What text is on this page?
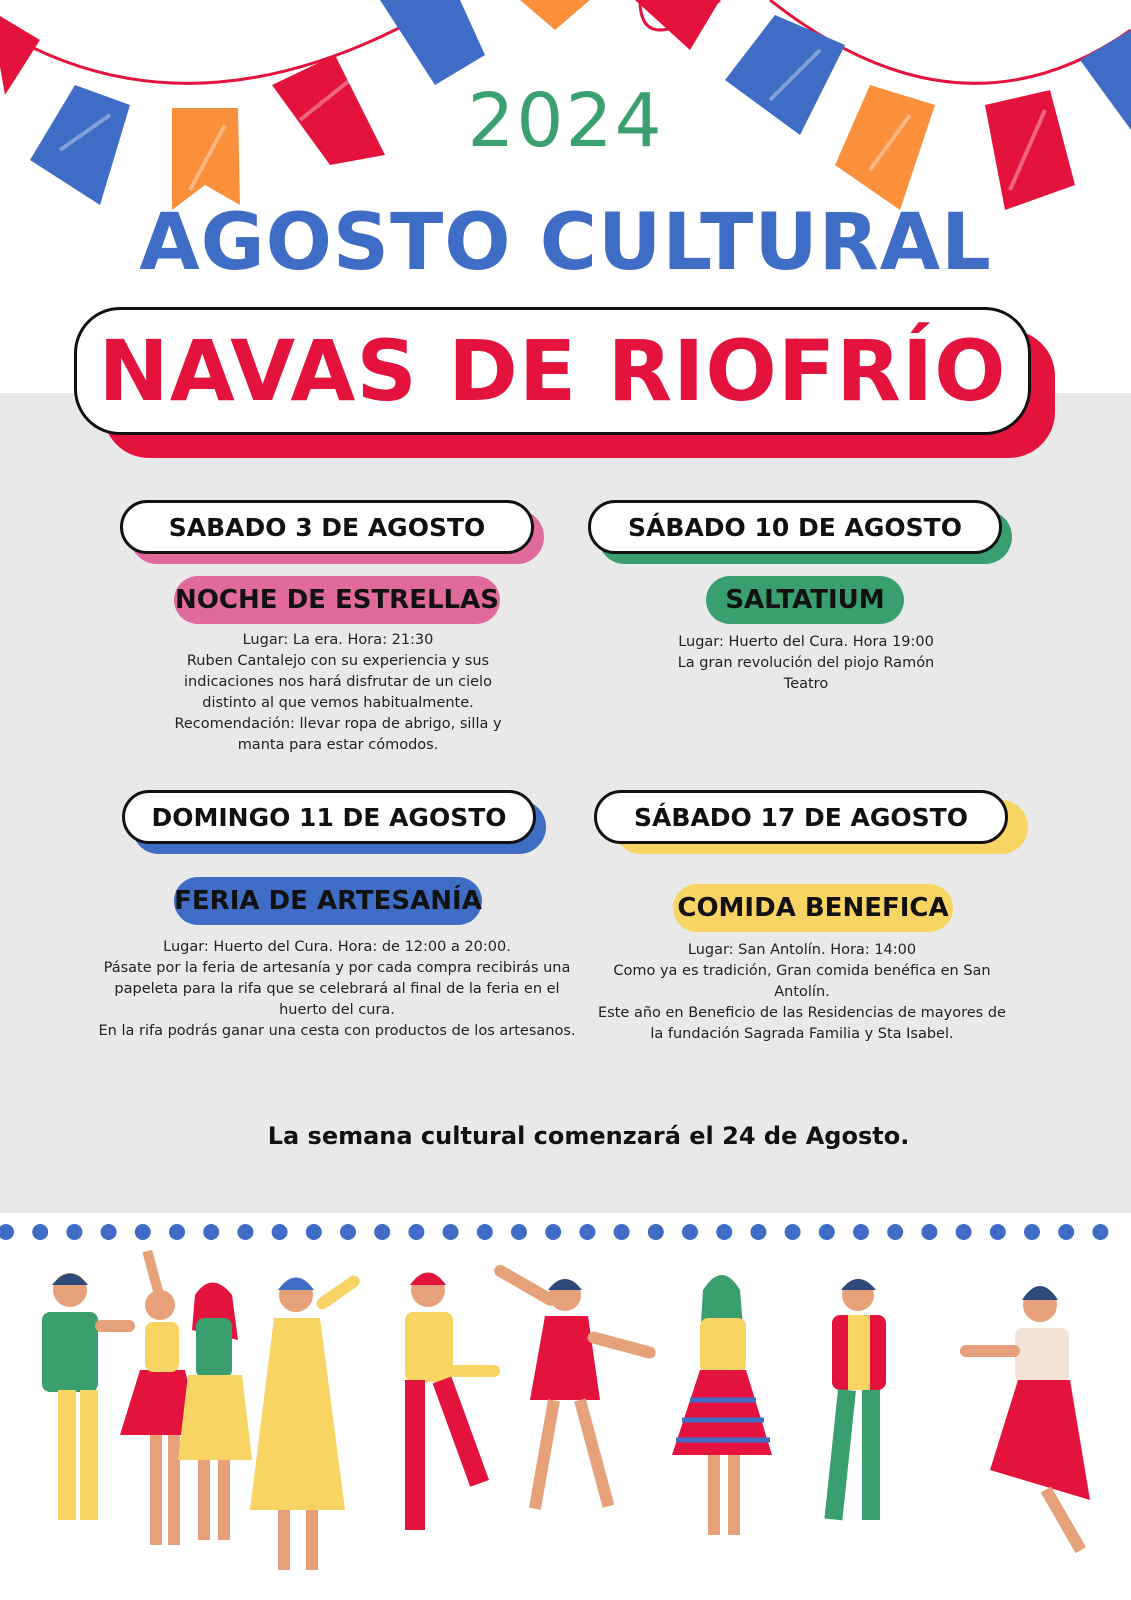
2024
AGOSTO CULTURAL
NAVAS DE RIOFRÍO
SABADO 3 DE AGOSTO
NOCHE DE ESTRELLAS
Lugar: La era. Hora: 21:30
Ruben Cantalejo con su experiencia y sus
indicaciones nos hará disfrutar de un cielo
distinto al que vemos habitualmente.
Recomendación: llevar ropa de abrigo, silla y
manta para estar cómodos.
SÁBADO 10 DE AGOSTO
SALTATIUM
Lugar: Huerto del Cura. Hora 19:00
La gran revolución del piojo Ramón
Teatro
DOMINGO 11 DE AGOSTO
FERIA DE ARTESANÍA
Lugar: Huerto del Cura. Hora: de 12:00 a 20:00.
Pásate por la feria de artesanía y por cada compra recibirás una
papeleta para la rifa que se celebrará al final de la feria en el
huerto del cura.
En la rifa podrás ganar una cesta con productos de los artesanos.
SÁBADO 17 DE AGOSTO
COMIDA BENEFICA
Lugar: San Antolín. Hora: 14:00
Como ya es tradición, Gran comida benéfica en San
Antolín.
Este año en Beneficio de las Residencias de mayores de
la fundación Sagrada Familia y Sta Isabel.
La semana cultural comenzará el 24 de Agosto.
